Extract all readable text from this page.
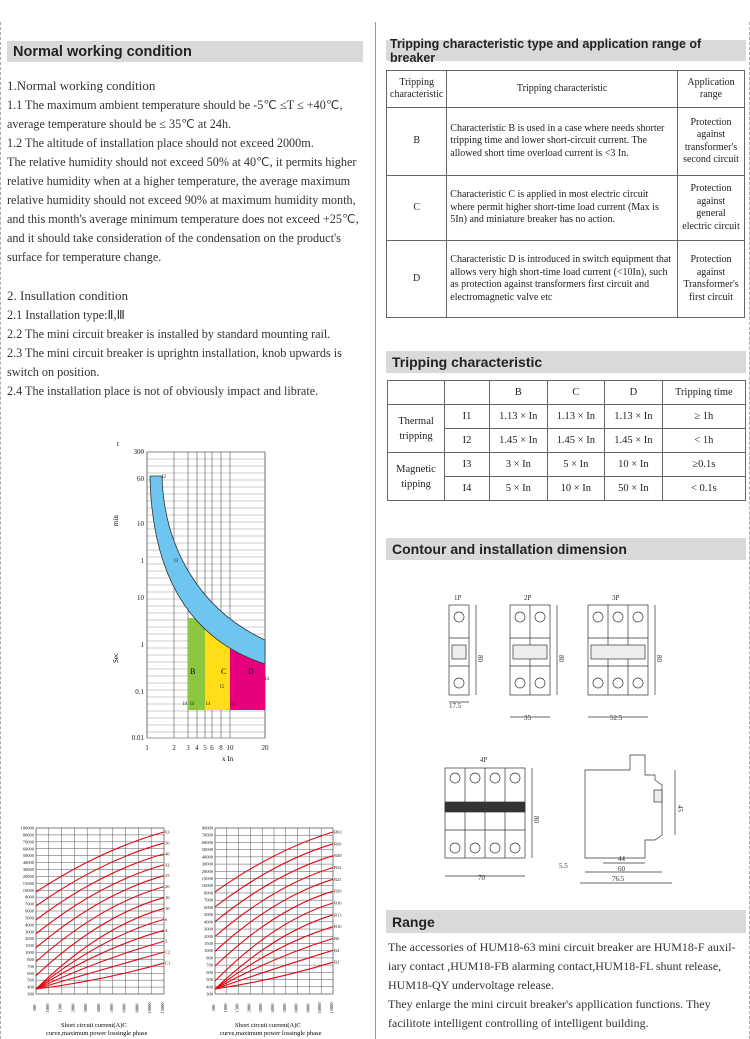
Normal working condition

1.Normal working condition

1.1 The maximum ambient temperature should be -5℃ ≤T ≤ +40℃,

average temperature should be ≤ 35℃ at 24h.

1.2 The altitude of installation place should not exceed 2000m.

The relative humidity should not exceed 50% at 40℃, it permits higher

relative humidity when at a higher temperature, the average maximum

relative humidity should not exceed 90% at maximum humidity month,

and this month's average minimum temperature does not exceed +25℃,

and it should take consideration of the condensation on the product's

surface for temperature change.

2. Insullation condition

2.1 Installation type:Ⅱ,Ⅲ

2.2 The mini circuit breaker is installed by standard mounting rail.

2.3 The mini circuit breaker is uprightn installation, knob upwards is

switch on position.

2.4 The installation place is not of obviously impact and librate.

300
60
10
1
10
1
0.1
0.01
1	2 3 4 5 6 8 10	20
I2
I3
I4
I5
I4
I4	I4
I4
t
min
Sec
x In
B	C	D
100000
80000
70000
60000
50000
40000
30000
20000
15000
10000
8000
7000
6000
5000
4000
3000
2000
1500
1000
800
700
600
500
400
300
500 1000 1500 2000 3000 4000 5000 6000 8000 10000 15000
63
50
40
32
25
20
16
10
6
4
3
C2
C1
Short circuit current(A)C
curve,maximum power lossingle phase
80000
70000
60000
50000
40000
30000
20000
15000
10000
8000
7000
6000
5000
4000
3000
2000
1500
1000
800
700
600
500
400
300
500 1000 1500 2000 3000 4000 5000 6000 8000 10000 15000
B63
B50
B40
B32
B25
B20
B16
B13
B10
B6
B4
B2
Short circuit current(A)C
curve,maximum power lossingle phase
Tripping characteristic type and application range of breaker
Tripping characteristic	Tripping characteristic	Application range
B	Characteristic B is used in a case where needs shorter tripping time and lower short-circuit current. The allowed short time overload current is <3 In.	Protection against transformer's second circuit
C	Characteristic C is applied in most electric circuit where permit higher short-time load current (Max is 5In) and miniature breaker has no action.	Protection against general electric circuit
D	Characteristic D is introduced in switch equipment that allows very high short-time load current (<10In), such as protection against transformers first circuit and electromagnetic valve etc	Protection against Transformer's first circuit
Tripping characteristic
		B	C	D	Tripping time
Thermal tripping	I1	1.13 × In	1.13 × In	1.13 × In	≥ 1h
	I2	1.45 × In	1.45 × In	1.45 × In	< 1h
Magnetic tipping	I3	3 × In	5 × In	10 × In	≥0.1s
	I4	5 × In	10 × In	50 × In	< 0.1s
Contour and installation dimension
1P
80
17.5
2P
80
35
3P
80
52.5
4P
80
70
45
44
60
76.5
5.5
Range

The accessories of HUM18-63 mini circuit breaker are HUM18-F auxil-

iary contact ,HUM18-FB alarming contact,HUM18-FL shunt release,

HUM18-QY undervoltage release.

They enlarge the mini circuit breaker's appllication functions. They

facilitote intelligent controlling of intelligent building.
